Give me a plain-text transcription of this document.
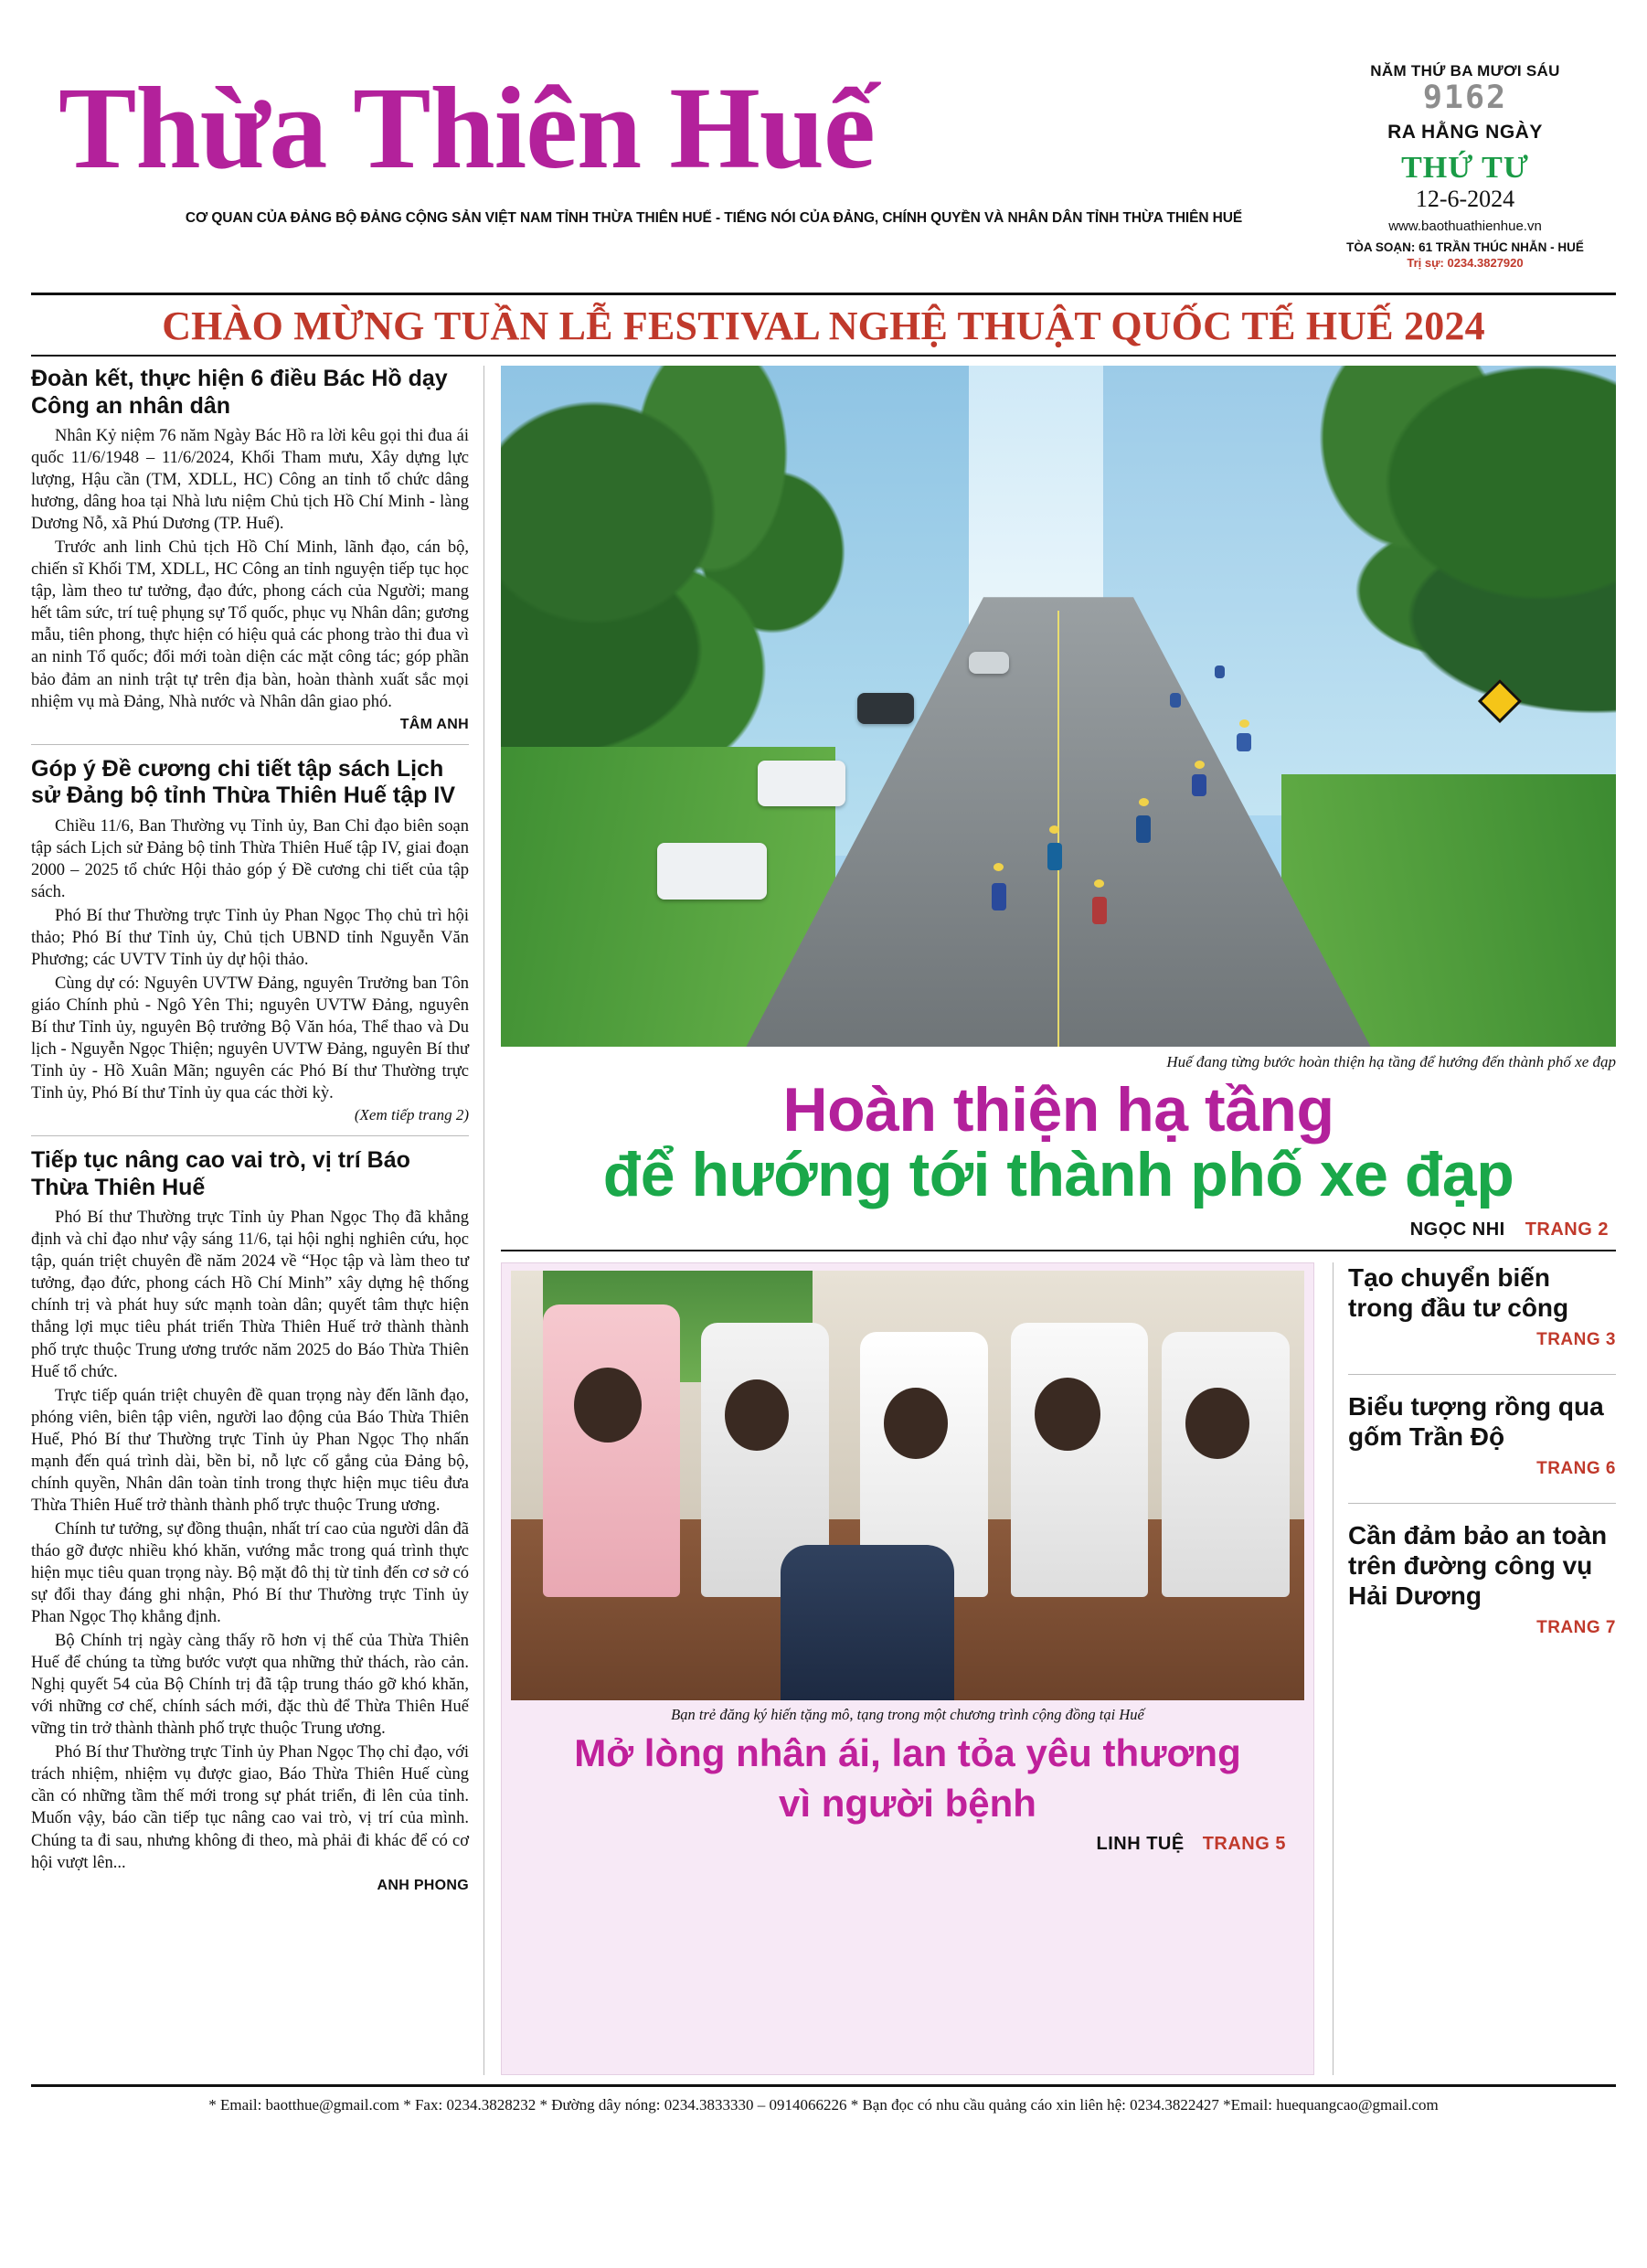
Thừa Thiên Huế
CƠ QUAN CỦA ĐẢNG BỘ ĐẢNG CỘNG SẢN VIỆT NAM TỈNH THỪA THIÊN HUẾ - TIẾNG NÓI CỦA ĐẢNG, CHÍNH QUYỀN VÀ NHÂN DÂN TỈNH THỪA THIÊN HUẾ
NĂM THỨ BA MƯƠI SÁU
9162
RA HẰNG NGÀY
THỨ TƯ
12-6-2024
www.baothuathienhue.vn
TÒA SOẠN: 61 TRẦN THÚC NHẪN - HUẾ
Trị sự: 0234.3827920
CHÀO MỪNG TUẦN LỄ FESTIVAL NGHỆ THUẬT QUỐC TẾ HUẾ 2024
Đoàn kết, thực hiện 6 điều Bác Hồ dạy Công an nhân dân

Nhân Kỷ niệm 76 năm Ngày Bác Hồ ra lời kêu gọi thi đua ái quốc 11/6/1948 – 11/6/2024, Khối Tham mưu, Xây dựng lực lượng, Hậu cần (TM, XDLL, HC) Công an tỉnh tổ chức dâng hương, dâng hoa tại Nhà lưu niệm Chủ tịch Hồ Chí Minh - làng Dương Nỗ, xã Phú Dương (TP. Huế).

Trước anh linh Chủ tịch Hồ Chí Minh, lãnh đạo, cán bộ, chiến sĩ Khối TM, XDLL, HC Công an tỉnh nguyện tiếp tục học tập, làm theo tư tưởng, đạo đức, phong cách của Người; mang hết tâm sức, trí tuệ phụng sự Tổ quốc, phục vụ Nhân dân; gương mẫu, tiên phong, thực hiện có hiệu quả các phong trào thi đua vì an ninh Tổ quốc; đổi mới toàn diện các mặt công tác; góp phần bảo đảm an ninh trật tự trên địa bàn, hoàn thành xuất sắc mọi nhiệm vụ mà Đảng, Nhà nước và Nhân dân giao phó.

TÂM ANH
Góp ý Đề cương chi tiết tập sách Lịch sử Đảng bộ tỉnh Thừa Thiên Huế tập IV

Chiều 11/6, Ban Thường vụ Tỉnh ủy, Ban Chỉ đạo biên soạn tập sách Lịch sử Đảng bộ tỉnh Thừa Thiên Huế tập IV, giai đoạn 2000 – 2025 tổ chức Hội thảo góp ý Đề cương chi tiết của tập sách.

Phó Bí thư Thường trực Tỉnh ủy Phan Ngọc Thọ chủ trì hội thảo; Phó Bí thư Tỉnh ủy, Chủ tịch UBND tỉnh Nguyễn Văn Phương; các UVTV Tỉnh ủy dự hội thảo.

Cùng dự có: Nguyên UVTW Đảng, nguyên Trưởng ban Tôn giáo Chính phủ - Ngô Yên Thi; nguyên UVTW Đảng, nguyên Bí thư Tỉnh ủy, nguyên Bộ trưởng Bộ Văn hóa, Thể thao và Du lịch - Nguyễn Ngọc Thiện; nguyên UVTW Đảng, nguyên Bí thư Tỉnh ủy - Hồ Xuân Mãn; nguyên các Phó Bí thư Thường trực Tỉnh ủy, Phó Bí thư Tỉnh ủy qua các thời kỳ.

(Xem tiếp trang 2)
Tiếp tục nâng cao vai trò, vị trí Báo Thừa Thiên Huế

Phó Bí thư Thường trực Tỉnh ủy Phan Ngọc Thọ đã khẳng định và chỉ đạo như vậy sáng 11/6, tại hội nghị nghiên cứu, học tập, quán triệt chuyên đề năm 2024 về “Học tập và làm theo tư tưởng, đạo đức, phong cách Hồ Chí Minh” xây dựng hệ thống chính trị và phát huy sức mạnh toàn dân; quyết tâm thực hiện thắng lợi mục tiêu phát triển Thừa Thiên Huế trở thành thành phố trực thuộc Trung ương trước năm 2025 do Báo Thừa Thiên Huế tổ chức.

Trực tiếp quán triệt chuyên đề quan trọng này đến lãnh đạo, phóng viên, biên tập viên, người lao động của Báo Thừa Thiên Huế, Phó Bí thư Thường trực Tỉnh ủy Phan Ngọc Thọ nhấn mạnh đến quá trình dài, bền bỉ, nỗ lực cố gắng của Đảng bộ, chính quyền, Nhân dân toàn tỉnh trong thực hiện mục tiêu đưa Thừa Thiên Huế trở thành thành phố trực thuộc Trung ương.

Chính tư tưởng, sự đồng thuận, nhất trí cao của người dân đã tháo gỡ được nhiều khó khăn, vướng mắc trong quá trình thực hiện mục tiêu quan trọng này. Bộ mặt đô thị từ tỉnh đến cơ sở có sự đổi thay đáng ghi nhận, Phó Bí thư Thường trực Tỉnh ủy Phan Ngọc Thọ khẳng định.

Bộ Chính trị ngày càng thấy rõ hơn vị thế của Thừa Thiên Huế để chúng ta từng bước vượt qua những thử thách, rào cản. Nghị quyết 54 của Bộ Chính trị đã tập trung tháo gỡ khó khăn, với những cơ chế, chính sách mới, đặc thù để Thừa Thiên Huế vững tin trở thành thành phố trực thuộc Trung ương.

Phó Bí thư Thường trực Tỉnh ủy Phan Ngọc Thọ chỉ đạo, với trách nhiệm, nhiệm vụ được giao, Báo Thừa Thiên Huế cùng cần có những tầm thế mới trong sự phát triển, đi lên của tỉnh. Muốn vậy, báo cần tiếp tục nâng cao vai trò, vị trí của mình. Chúng ta đi sau, nhưng không đi theo, mà phải đi khác để có cơ hội vượt lên...

ANH PHONG
Huế đang từng bước hoàn thiện hạ tầng để hướng đến thành phố xe đạp
Hoàn thiện hạ tầng
để hướng tới thành phố xe đạp
NGỌC NHI TRANG 2
Bạn trẻ đăng ký hiến tặng mô, tạng trong một chương trình cộng đồng tại Huế
Mở lòng nhân ái, lan tỏa yêu thương
vì người bệnh
LINH TUỆ TRANG 5
Tạo chuyển biến trong đầu tư công
TRANG 3
Biểu tượng rồng qua gốm Trần Độ
TRANG 6
Cần đảm bảo an toàn trên đường công vụ Hải Dương
TRANG 7
* Email: baotthue@gmail.com * Fax: 0234.3828232 * Đường dây nóng: 0234.3833330 – 0914066226 * Bạn đọc có nhu cầu quảng cáo xin liên hệ: 0234.3822427 *Email: huequangcao@gmail.com
